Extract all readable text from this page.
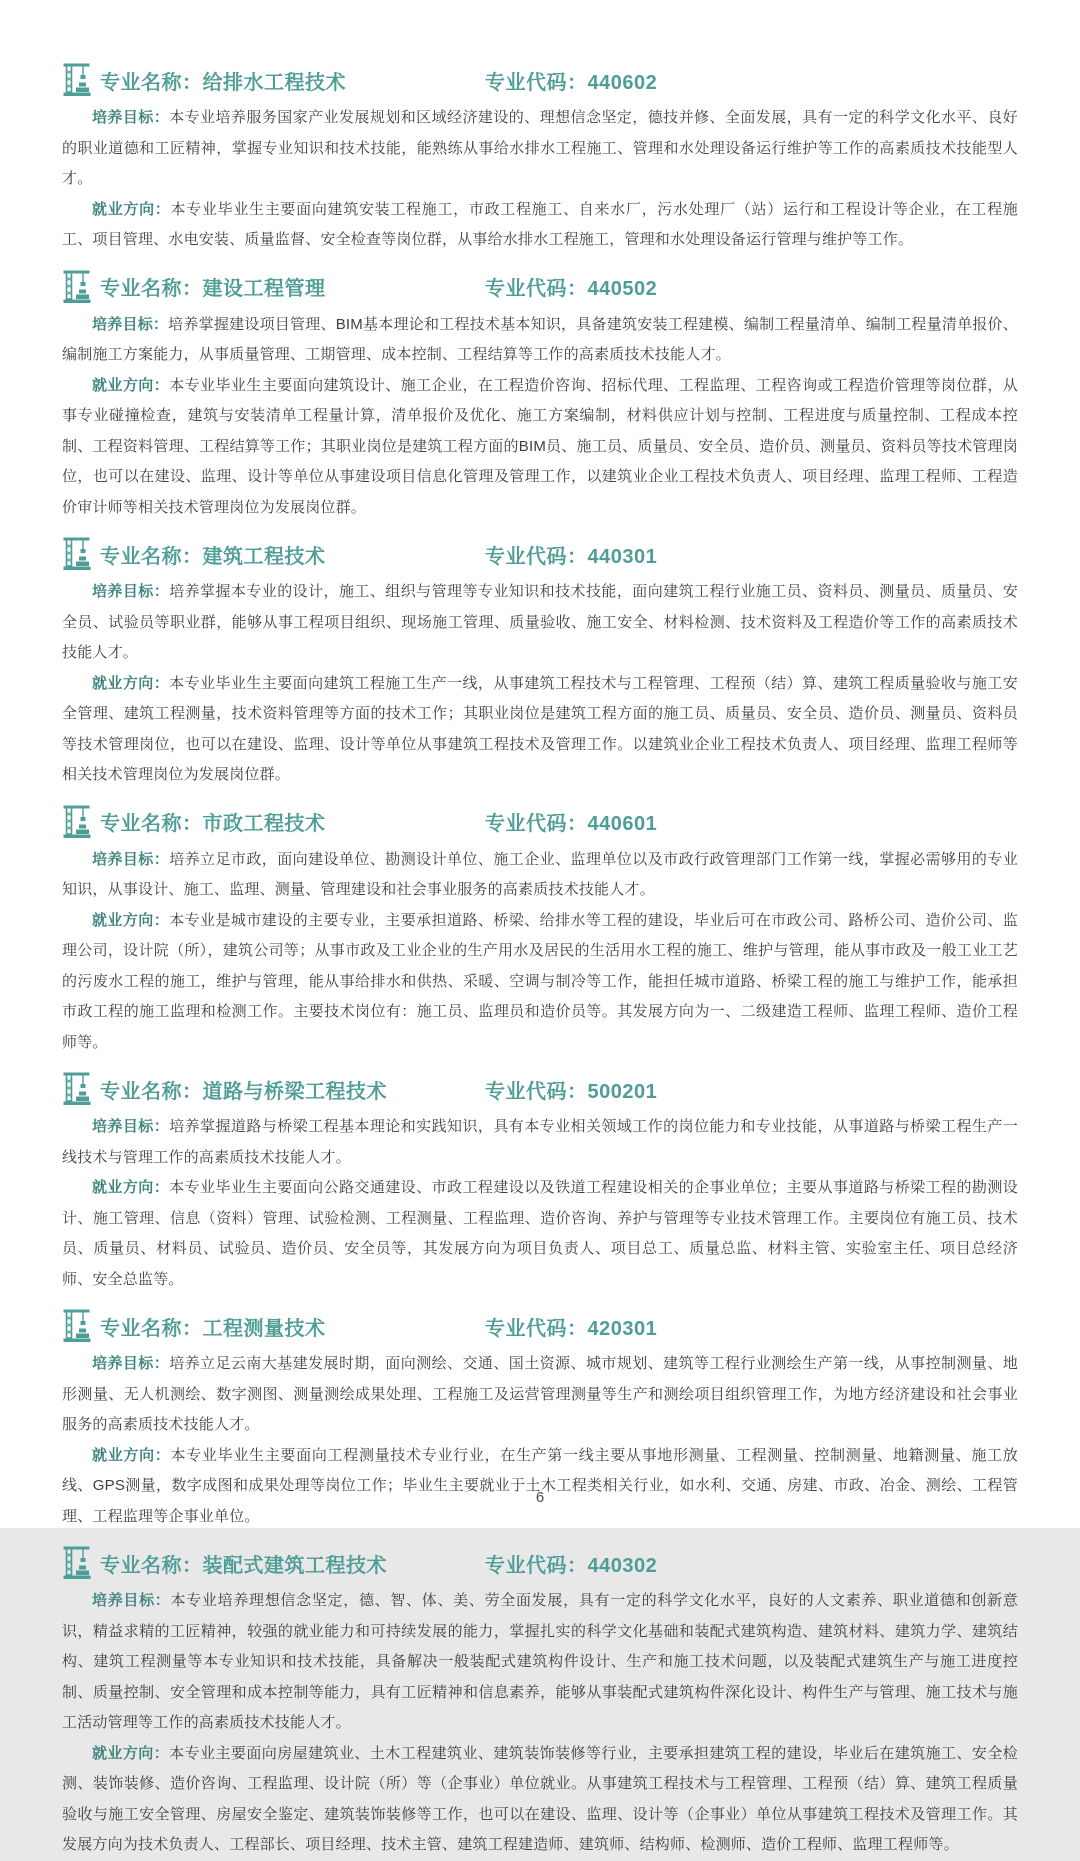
专业名称：给排水工程技术	专业代码：440602

培养目标：本专业培养服务国家产业发展规划和区域经济建设的、理想信念坚定，德技并修、全面发展，具有一定的科学文化水平、良好的职业道德和工匠精神，掌握专业知识和技术技能，能熟练从事给水排水工程施工、管理和水处理设备运行维护等工作的高素质技术技能型人才。

就业方向：本专业毕业生主要面向建筑安装工程施工，市政工程施工、自来水厂，污水处理厂（站）运行和工程设计等企业，在工程施工、项目管理、水电安装、质量监督、安全检查等岗位群，从事给水排水工程施工，管理和水处理设备运行管理与维护等工作。

专业名称：建设工程管理	专业代码：440502

培养目标：培养掌握建设项目管理、BIM基本理论和工程技术基本知识，具备建筑安装工程建模、编制工程量清单、编制工程量清单报价、编制施工方案能力，从事质量管理、工期管理、成本控制、工程结算等工作的高素质技术技能人才。

就业方向：本专业毕业生主要面向建筑设计、施工企业，在工程造价咨询、招标代理、工程监理、工程咨询或工程造价管理等岗位群，从事专业碰撞检查，建筑与安装清单工程量计算，清单报价及优化、施工方案编制，材料供应计划与控制、工程进度与质量控制、工程成本控制、工程资料管理、工程结算等工作；其职业岗位是建筑工程方面的BIM员、施工员、质量员、安全员、造价员、测量员、资料员等技术管理岗位，也可以在建设、监理、设计等单位从事建设项目信息化管理及管理工作，以建筑业企业工程技术负责人、项目经理、监理工程师、工程造价审计师等相关技术管理岗位为发展岗位群。

专业名称：建筑工程技术	专业代码：440301

培养目标：培养掌握本专业的设计，施工、组织与管理等专业知识和技术技能，面向建筑工程行业施工员、资料员、测量员、质量员、安全员、试验员等职业群，能够从事工程项目组织、现场施工管理、质量验收、施工安全、材料检测、技术资料及工程造价等工作的高素质技术技能人才。

就业方向：本专业毕业生主要面向建筑工程施工生产一线，从事建筑工程技术与工程管理、工程预（结）算、建筑工程质量验收与施工安全管理、建筑工程测量，技术资料管理等方面的技术工作；其职业岗位是建筑工程方面的施工员、质量员、安全员、造价员、测量员、资料员等技术管理岗位，也可以在建设、监理、设计等单位从事建筑工程技术及管理工作。以建筑业企业工程技术负责人、项目经理、监理工程师等相关技术管理岗位为发展岗位群。

专业名称：市政工程技术	专业代码：440601

培养目标：培养立足市政，面向建设单位、勘测设计单位、施工企业、监理单位以及市政行政管理部门工作第一线，掌握必需够用的专业知识，从事设计、施工、监理、测量、管理建设和社会事业服务的高素质技术技能人才。

就业方向：本专业是城市建设的主要专业，主要承担道路、桥梁、给排水等工程的建设，毕业后可在市政公司、路桥公司、造价公司、监理公司，设计院（所），建筑公司等；从事市政及工业企业的生产用水及居民的生活用水工程的施工、维护与管理，能从事市政及一般工业工艺的污废水工程的施工，维护与管理，能从事给排水和供热、采暖、空调与制冷等工作，能担任城市道路、桥梁工程的施工与维护工作，能承担市政工程的施工监理和检测工作。主要技术岗位有：施工员、监理员和造价员等。其发展方向为一、二级建造工程师、监理工程师、造价工程师等。

专业名称：道路与桥梁工程技术	专业代码：500201

培养目标：培养掌握道路与桥梁工程基本理论和实践知识，具有本专业相关领域工作的岗位能力和专业技能，从事道路与桥梁工程生产一线技术与管理工作的高素质技术技能人才。

就业方向：本专业毕业生主要面向公路交通建设、市政工程建设以及铁道工程建设相关的企事业单位；主要从事道路与桥梁工程的勘测设计、施工管理、信息（资料）管理、试验检测、工程测量、工程监理、造价咨询、养护与管理等专业技术管理工作。主要岗位有施工员、技术员、质量员、材料员、试验员、造价员、安全员等，其发展方向为项目负责人、项目总工、质量总监、材料主管、实验室主任、项目总经济师、安全总监等。

专业名称：工程测量技术	专业代码：420301

培养目标：培养立足云南大基建发展时期，面向测绘、交通、国土资源、城市规划、建筑等工程行业测绘生产第一线，从事控制测量、地形测量、无人机测绘、数字测图、测量测绘成果处理、工程施工及运营管理测量等生产和测绘项目组织管理工作，为地方经济建设和社会事业服务的高素质技术技能人才。

就业方向：本专业毕业生主要面向工程测量技术专业行业，在生产第一线主要从事地形测量、工程测量、控制测量、地籍测量、施工放线、GPS测量，数字成图和成果处理等岗位工作；毕业生主要就业于土木工程类相关行业，如水利、交通、房建、市政、冶金、测绘、工程管理、工程监理等企事业单位。

专业名称：装配式建筑工程技术	专业代码：440302

培养目标：本专业培养理想信念坚定，德、智、体、美、劳全面发展，具有一定的科学文化水平，良好的人文素养、职业道德和创新意识，精益求精的工匠精神，较强的就业能力和可持续发展的能力，掌握扎实的科学文化基础和装配式建筑构造、建筑材料、建筑力学、建筑结构、建筑工程测量等本专业知识和技术技能，具备解决一般装配式建筑构件设计、生产和施工技术问题，以及装配式建筑生产与施工进度控制、质量控制、安全管理和成本控制等能力，具有工匠精神和信息素养，能够从事装配式建筑构件深化设计、构件生产与管理、施工技术与施工活动管理等工作的高素质技术技能人才。

就业方向：本专业主要面向房屋建筑业、土木工程建筑业、建筑装饰装修等行业，主要承担建筑工程的建设，毕业后在建筑施工、安全检测、装饰装修、造价咨询、工程监理、设计院（所）等（企事业）单位就业。从事建筑工程技术与工程管理、工程预（结）算、建筑工程质量验收与施工安全管理、房屋安全鉴定、建筑装饰装修等工作，也可以在建设、监理、设计等（企事业）单位从事建筑工程技术及管理工作。其发展方向为技术负责人、工程部长、项目经理、技术主管、建筑工程建造师、建筑师、结构师、检测师、造价工程师、监理工程师等。

6
